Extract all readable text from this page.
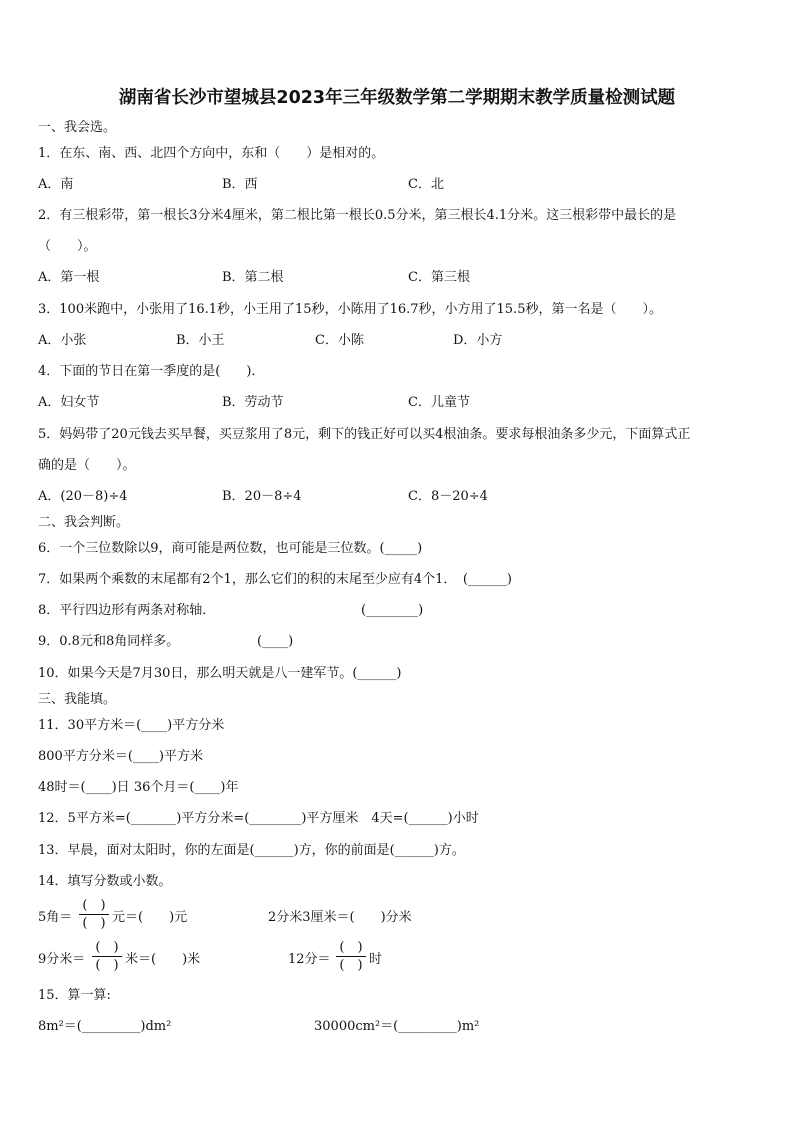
湖南省长沙市望城县2023年三年级数学第二学期期末教学质量检测试题
一、我会选。
1．在东、南、西、北四个方向中，东和（　　）是相对的。
A．南	B．西	C．北
2．有三根彩带，第一根长3分米4厘米，第二根比第一根长0.5分米，第三根长4.1分米。这三根彩带中最长的是
（　　）。
A．第一根	B．第二根	C．第三根
3．100米跑中，小张用了16.1秒，小王用了15秒，小陈用了16.7秒，小方用了15.5秒，第一名是（　　）。
A．小张	B．小王	C．小陈	D．小方
4．下面的节日在第一季度的是(　　)．
A．妇女节	B．劳动节	C．儿童节
5．妈妈带了20元钱去买早餐，买豆浆用了8元，剩下的钱正好可以买4根油条。要求每根油条多少元，下面算式正
确的是（　　）。
A．(20－8)÷4	B．20－8÷4	C．8－20÷4
二、我会判断。
6．一个三位数除以9，商可能是两位数，也可能是三位数。(_____)
7．如果两个乘数的末尾都有2个1，那么它们的积的末尾至少应有4个1．　(______)
8．平行四边形有两条对称轴．	(________)
9．0.8元和8角同样多。	(____)
10．如果今天是7月30日，那么明天就是八一建军节。(______)
三、我能填。
11．30平方米＝(____)平方分米
800平方分米＝(____)平方米
48时＝(____)日 36个月＝(____)年
12．5平方米=(_______)平方分米=(________)平方厘米　4天=(______)小时
13．早晨，面对太阳时，你的左面是(______)方，你的前面是(______)方。
14．填写分数或小数。
5角＝
(　)
(　) 元＝(　　)元	2分米3厘米＝(　　)分米
9分米＝
(　)
(　) 米＝(　　)米	12分＝
(　)
(　) 时
15．算一算:
8m²＝(_________)dm²	30000cm²＝(_________)m²
